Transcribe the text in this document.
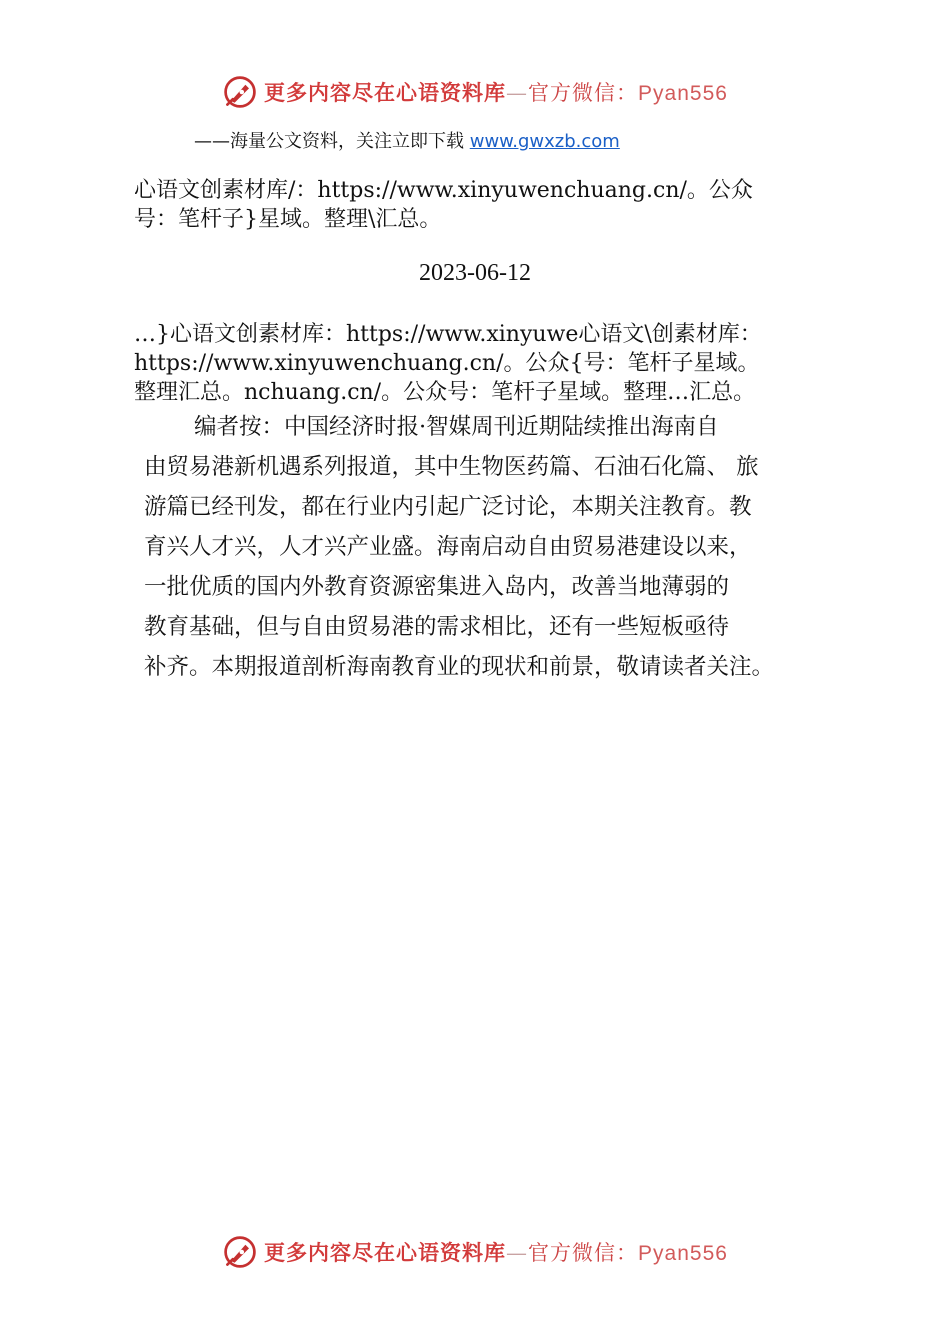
更多内容尽在心语资料库—官方微信：Pyan556
——海量公文资料，关注立即下载 www.gwxzb.com
心语文创素材库/：https://www.xinyuwenchuang.cn/。公众
号：笔杆子}星域。整理\汇总。
2023-06-12
…}心语文创素材库：https://www.xinyuwe心语文\创素材库：
https://www.xinyuwenchuang.cn/。公众{号：笔杆子星域。
整理汇总。nchuang.cn/。公众号：笔杆子星域。整理…汇总。
编者按：中国经济时报·智媒周刊近期陆续推出海南自
由贸易港新机遇系列报道，其中生物医药篇、石油石化篇、 旅
游篇已经刊发，都在行业内引起广泛讨论，本期关注教育。教
育兴人才兴，人才兴产业盛。海南启动自由贸易港建设以来，
一批优质的国内外教育资源密集进入岛内，改善当地薄弱的
教育基础，但与自由贸易港的需求相比，还有一些短板亟待
补齐。本期报道剖析海南教育业的现状和前景，敬请读者关注。
更多内容尽在心语资料库—官方微信：Pyan556
